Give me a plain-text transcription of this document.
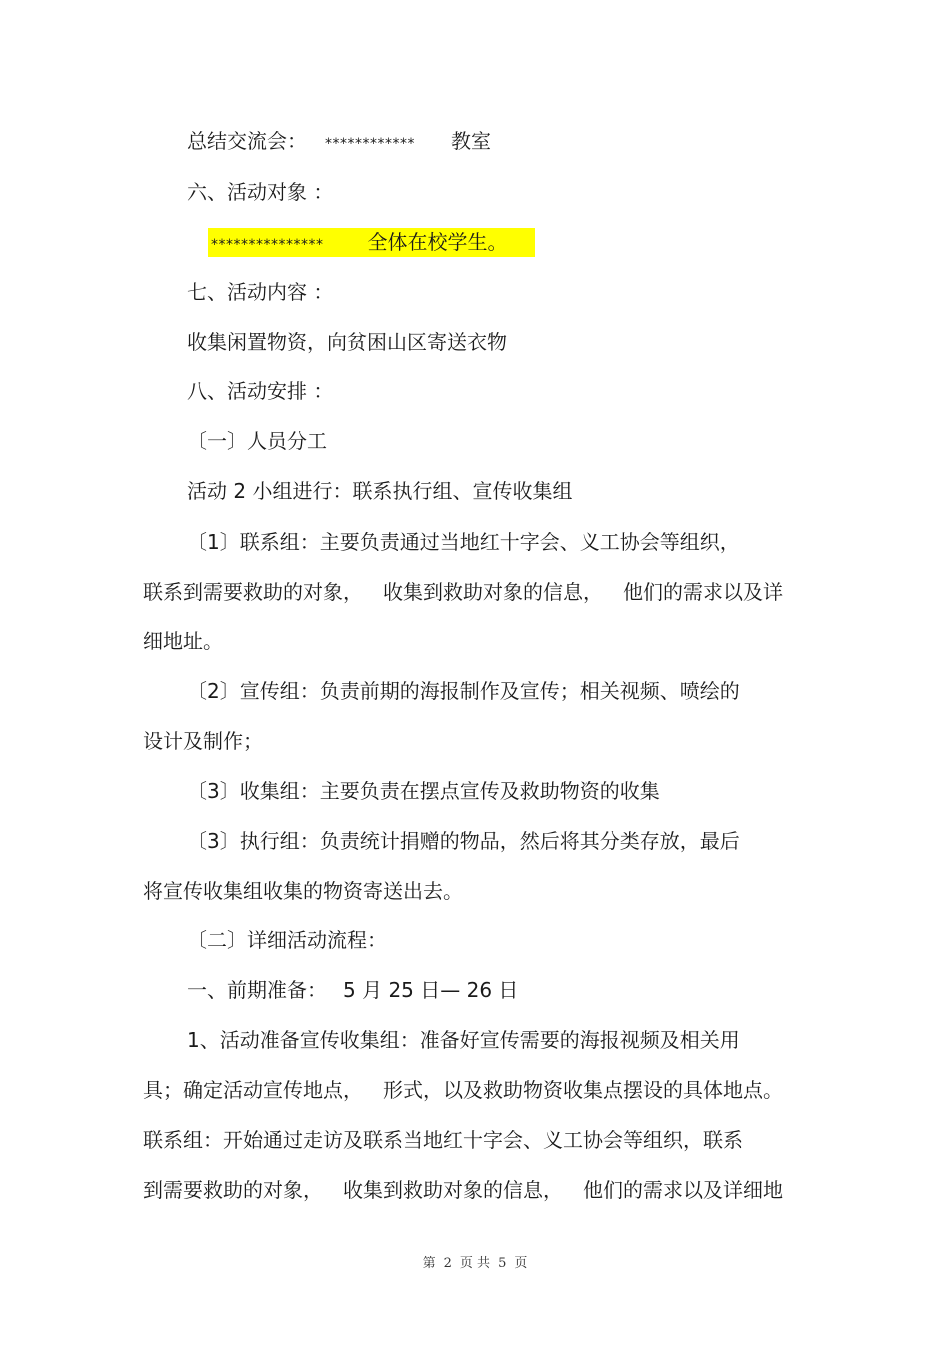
总结交流会： ************ 教室
六、活动对象 ：
*************** 全体在校学生。
七、活动内容 ：
收集闲置物资，向贫困山区寄送衣物
八、活动安排 ：
〔一〕人员分工
活动 2 小组进行：联系执行组、宣传收集组
〔1〕联系组：主要负责通过当地红十字会、义工协会等组织，
联系到需要救助的对象， 收集到救助对象的信息， 他们的需求以及详
细地址。
〔2〕宣传组：负责前期的海报制作及宣传；相关视频、喷绘的
设计及制作；
〔3〕收集组：主要负责在摆点宣传及救助物资的收集
〔3〕执行组：负责统计捐赠的物品，然后将其分类存放，最后
将宣传收集组收集的物资寄送出去。
〔二〕详细活动流程：
一、前期准备： 5 月 25 日— 26 日
1、活动准备宣传收集组：准备好宣传需要的海报视频及相关用
具；确定活动宣传地点， 形式，以及救助物资收集点摆设的具体地点。
联系组：开始通过走访及联系当地红十字会、义工协会等组织，联系
到需要救助的对象， 收集到救助对象的信息， 他们的需求以及详细地
第 2 页 共 5 页
